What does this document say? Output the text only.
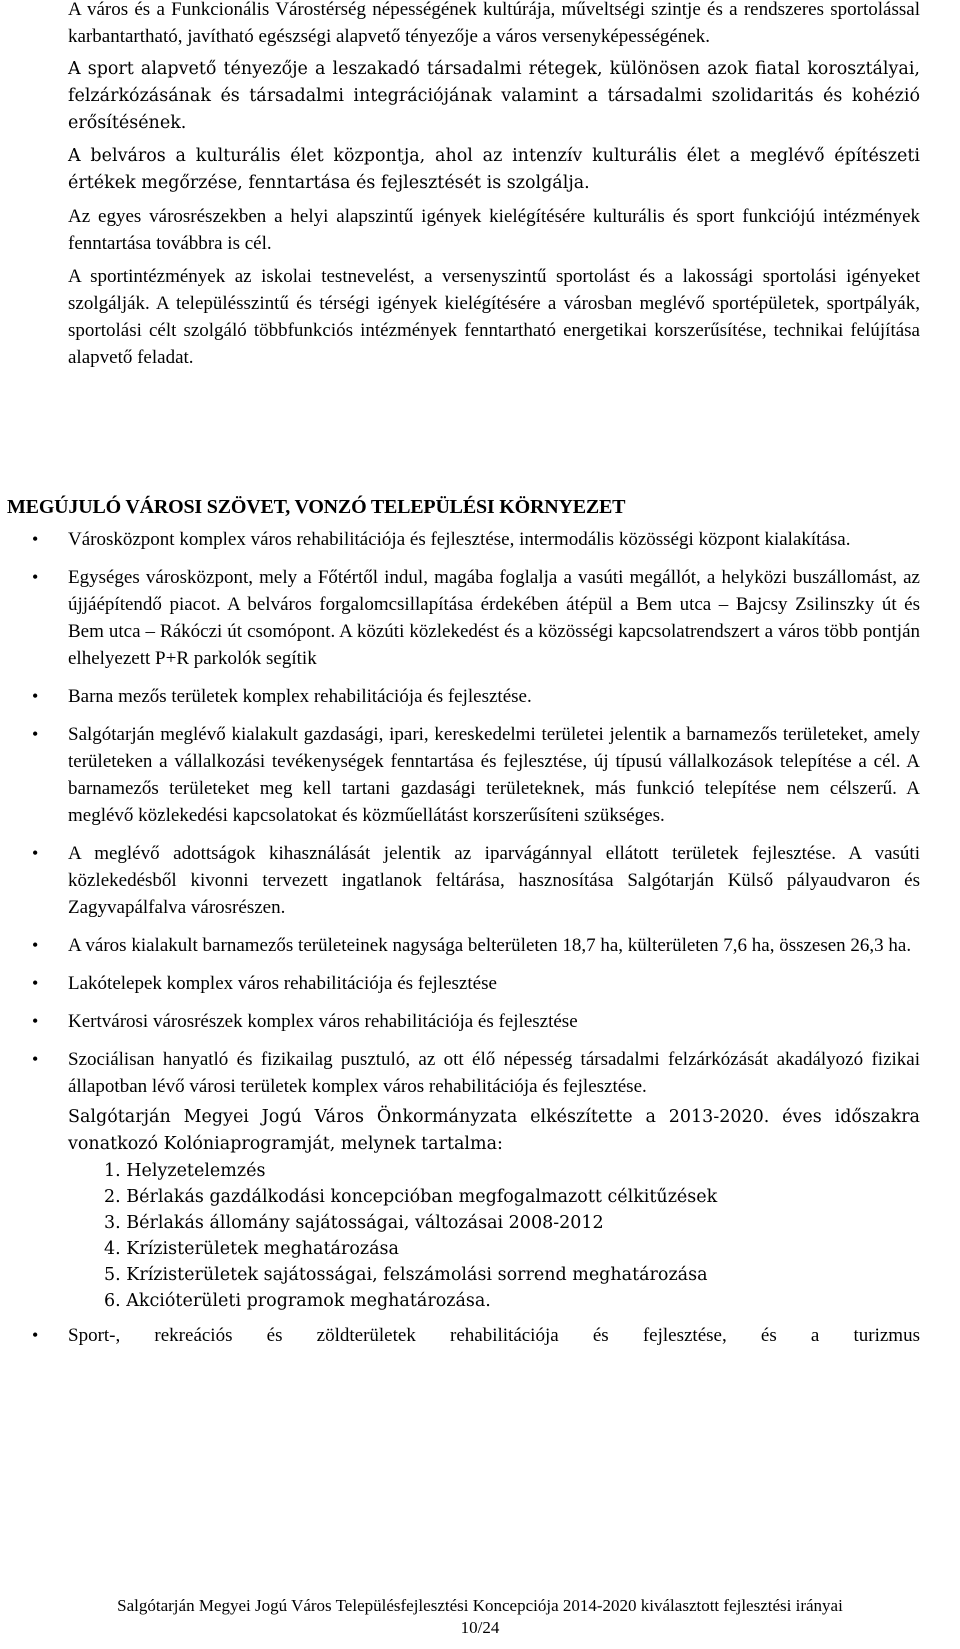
A város és a Funkcionális Várostérség népességének kultúrája, műveltségi szintje és a rendszeres sportolással karbantartható, javítható egészségi alapvető tényezője a város versenyképességének.

A sport alapvető tényezője a leszakadó társadalmi rétegek, különösen azok fiatal korosztályai, felzárkózásának és társadalmi integrációjának valamint a társadalmi szolidaritás és kohézió erősítésének.

A belváros a kulturális élet központja, ahol az intenzív kulturális élet a meglévő építészeti értékek megőrzése, fenntartása és fejlesztését is szolgálja.

Az egyes városrészekben a helyi alapszintű igények kielégítésére kulturális és sport funkciójú intézmények fenntartása továbbra is cél.

A sportintézmények az iskolai testnevelést, a versenyszintű sportolást és a lakossági sportolási igényeket szolgálják. A településszintű és térségi igények kielégítésére a városban meglévő sportépületek, sportpályák, sportolási célt szolgáló többfunkciós intézmények fenntartható energetikai korszerűsítése, technikai felújítása alapvető feladat.

MEGÚJULÓ VÁROSI SZÖVET, VONZÓ TELEPÜLÉSI KÖRNYEZET
• Városközpont komplex város rehabilitációja és fejlesztése, intermodális közösségi központ kialakítása.

• Egységes városközpont, mely a Főtértől indul, magába foglalja a vasúti megállót, a helyközi buszállomást, az újjáépítendő piacot. A belváros forgalomcsillapítása érdekében átépül a Bem utca – Bajcsy Zsilinszky út és Bem utca – Rákóczi út csomópont. A közúti közlekedést és a közösségi kapcsolatrendszert a város több pontján elhelyezett P+R parkolók segítik

• Barna mezős területek komplex rehabilitációja és fejlesztése.

• Salgótarján meglévő kialakult gazdasági, ipari, kereskedelmi területei jelentik a barnamezős területeket, amely területeken a vállalkozási tevékenységek fenntartása és fejlesztése, új típusú vállalkozások telepítése a cél. A barnamezős területeket meg kell tartani gazdasági területeknek, más funkció telepítése nem célszerű. A meglévő közlekedési kapcsolatokat és közműellátást korszerűsíteni szükséges.

• A meglévő adottságok kihasználását jelentik az iparvágánnyal ellátott területek fejlesztése. A vasúti közlekedésből kivonni tervezett ingatlanok feltárása, hasznosítása Salgótarján Külső pályaudvaron és Zagyvapálfalva városrészen.

• A város kialakult barnamezős területeinek nagysága belterületen 18,7 ha, külterületen 7,6 ha, összesen 26,3 ha.

• Lakótelepek komplex város rehabilitációja és fejlesztése

• Kertvárosi városrészek komplex város rehabilitációja és fejlesztése

• Szociálisan hanyatló és fizikailag pusztuló, az ott élő népesség társadalmi felzárkózását akadályozó fizikai állapotban lévő városi területek komplex város rehabilitációja és fejlesztése.

Salgótarján Megyei Jogú Város Önkormányzata elkészítette a 2013-2020. éves időszakra vonatkozó Kolóniaprogramját, melynek tartalma:

1. Helyzetelemzés
2. Bérlakás gazdálkodási koncepcióban megfogalmazott célkitűzések
3. Bérlakás állomány sajátosságai, változásai 2008-2012
4. Krízisterületek meghatározása
5. Krízisterületek sajátosságai, felszámolási sorrend meghatározása
6. Akcióterületi programok meghatározása.
• Sport-, rekreációs és zöldterületek rehabilitációja és fejlesztése, és a turizmus

Salgótarján Megyei Jogú Város Településfejlesztési Koncepciója 2014-2020 kiválasztott fejlesztési irányai
10/24
